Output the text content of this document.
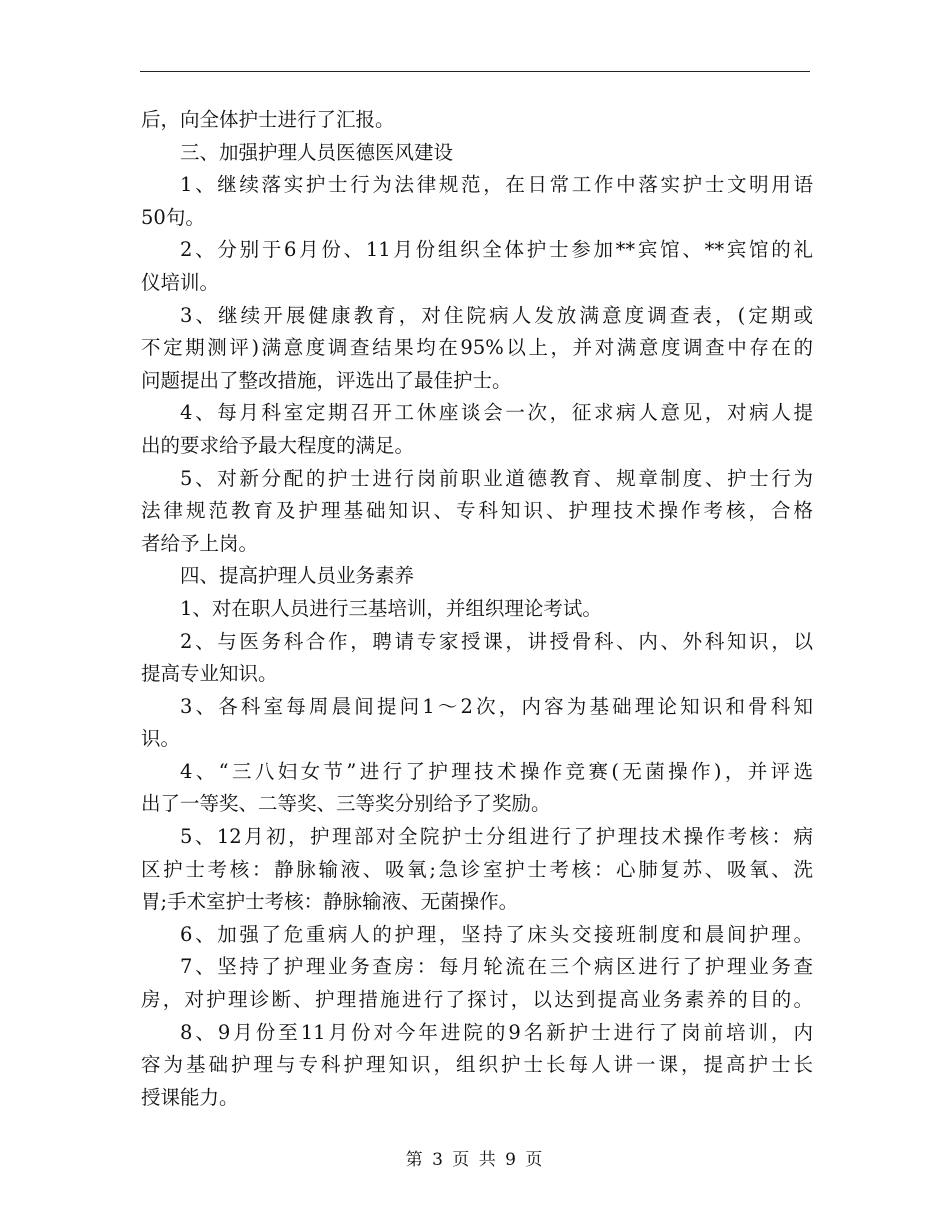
后，向全体护士进行了汇报。
三、加强护理人员医德医风建设
1、继续落实护士行为法律规范，在日常工作中落实护士文明用语
50句。
2、分别于6月份、11月份组织全体护士参加**宾馆、**宾馆的礼
仪培训。
3、继续开展健康教育，对住院病人发放满意度调查表，(定期或
不定期测评)满意度调查结果均在95%以上，并对满意度调查中存在的
问题提出了整改措施，评选出了最佳护士。
4、每月科室定期召开工休座谈会一次，征求病人意见，对病人提
出的要求给予最大程度的满足。
5、对新分配的护士进行岗前职业道德教育、规章制度、护士行为
法律规范教育及护理基础知识、专科知识、护理技术操作考核，合格
者给予上岗。
四、提高护理人员业务素养
1、对在职人员进行三基培训，并组织理论考试。
2、与医务科合作，聘请专家授课，讲授骨科、内、外科知识，以
提高专业知识。
3、各科室每周晨间提问1～2次，内容为基础理论知识和骨科知
识。
4、“三八妇女节”进行了护理技术操作竞赛(无菌操作)，并评选
出了一等奖、二等奖、三等奖分别给予了奖励。
5、12月初，护理部对全院护士分组进行了护理技术操作考核：病
区护士考核：静脉输液、吸氧;急诊室护士考核：心肺复苏、吸氧、洗
胃;手术室护士考核：静脉输液、无菌操作。
6、加强了危重病人的护理，坚持了床头交接班制度和晨间护理。
7、坚持了护理业务查房：每月轮流在三个病区进行了护理业务查
房，对护理诊断、护理措施进行了探讨，以达到提高业务素养的目的。
8、9月份至11月份对今年进院的9名新护士进行了岗前培训，内
容为基础护理与专科护理知识，组织护士长每人讲一课，提高护士长
授课能力。
第 3 页 共 9 页
